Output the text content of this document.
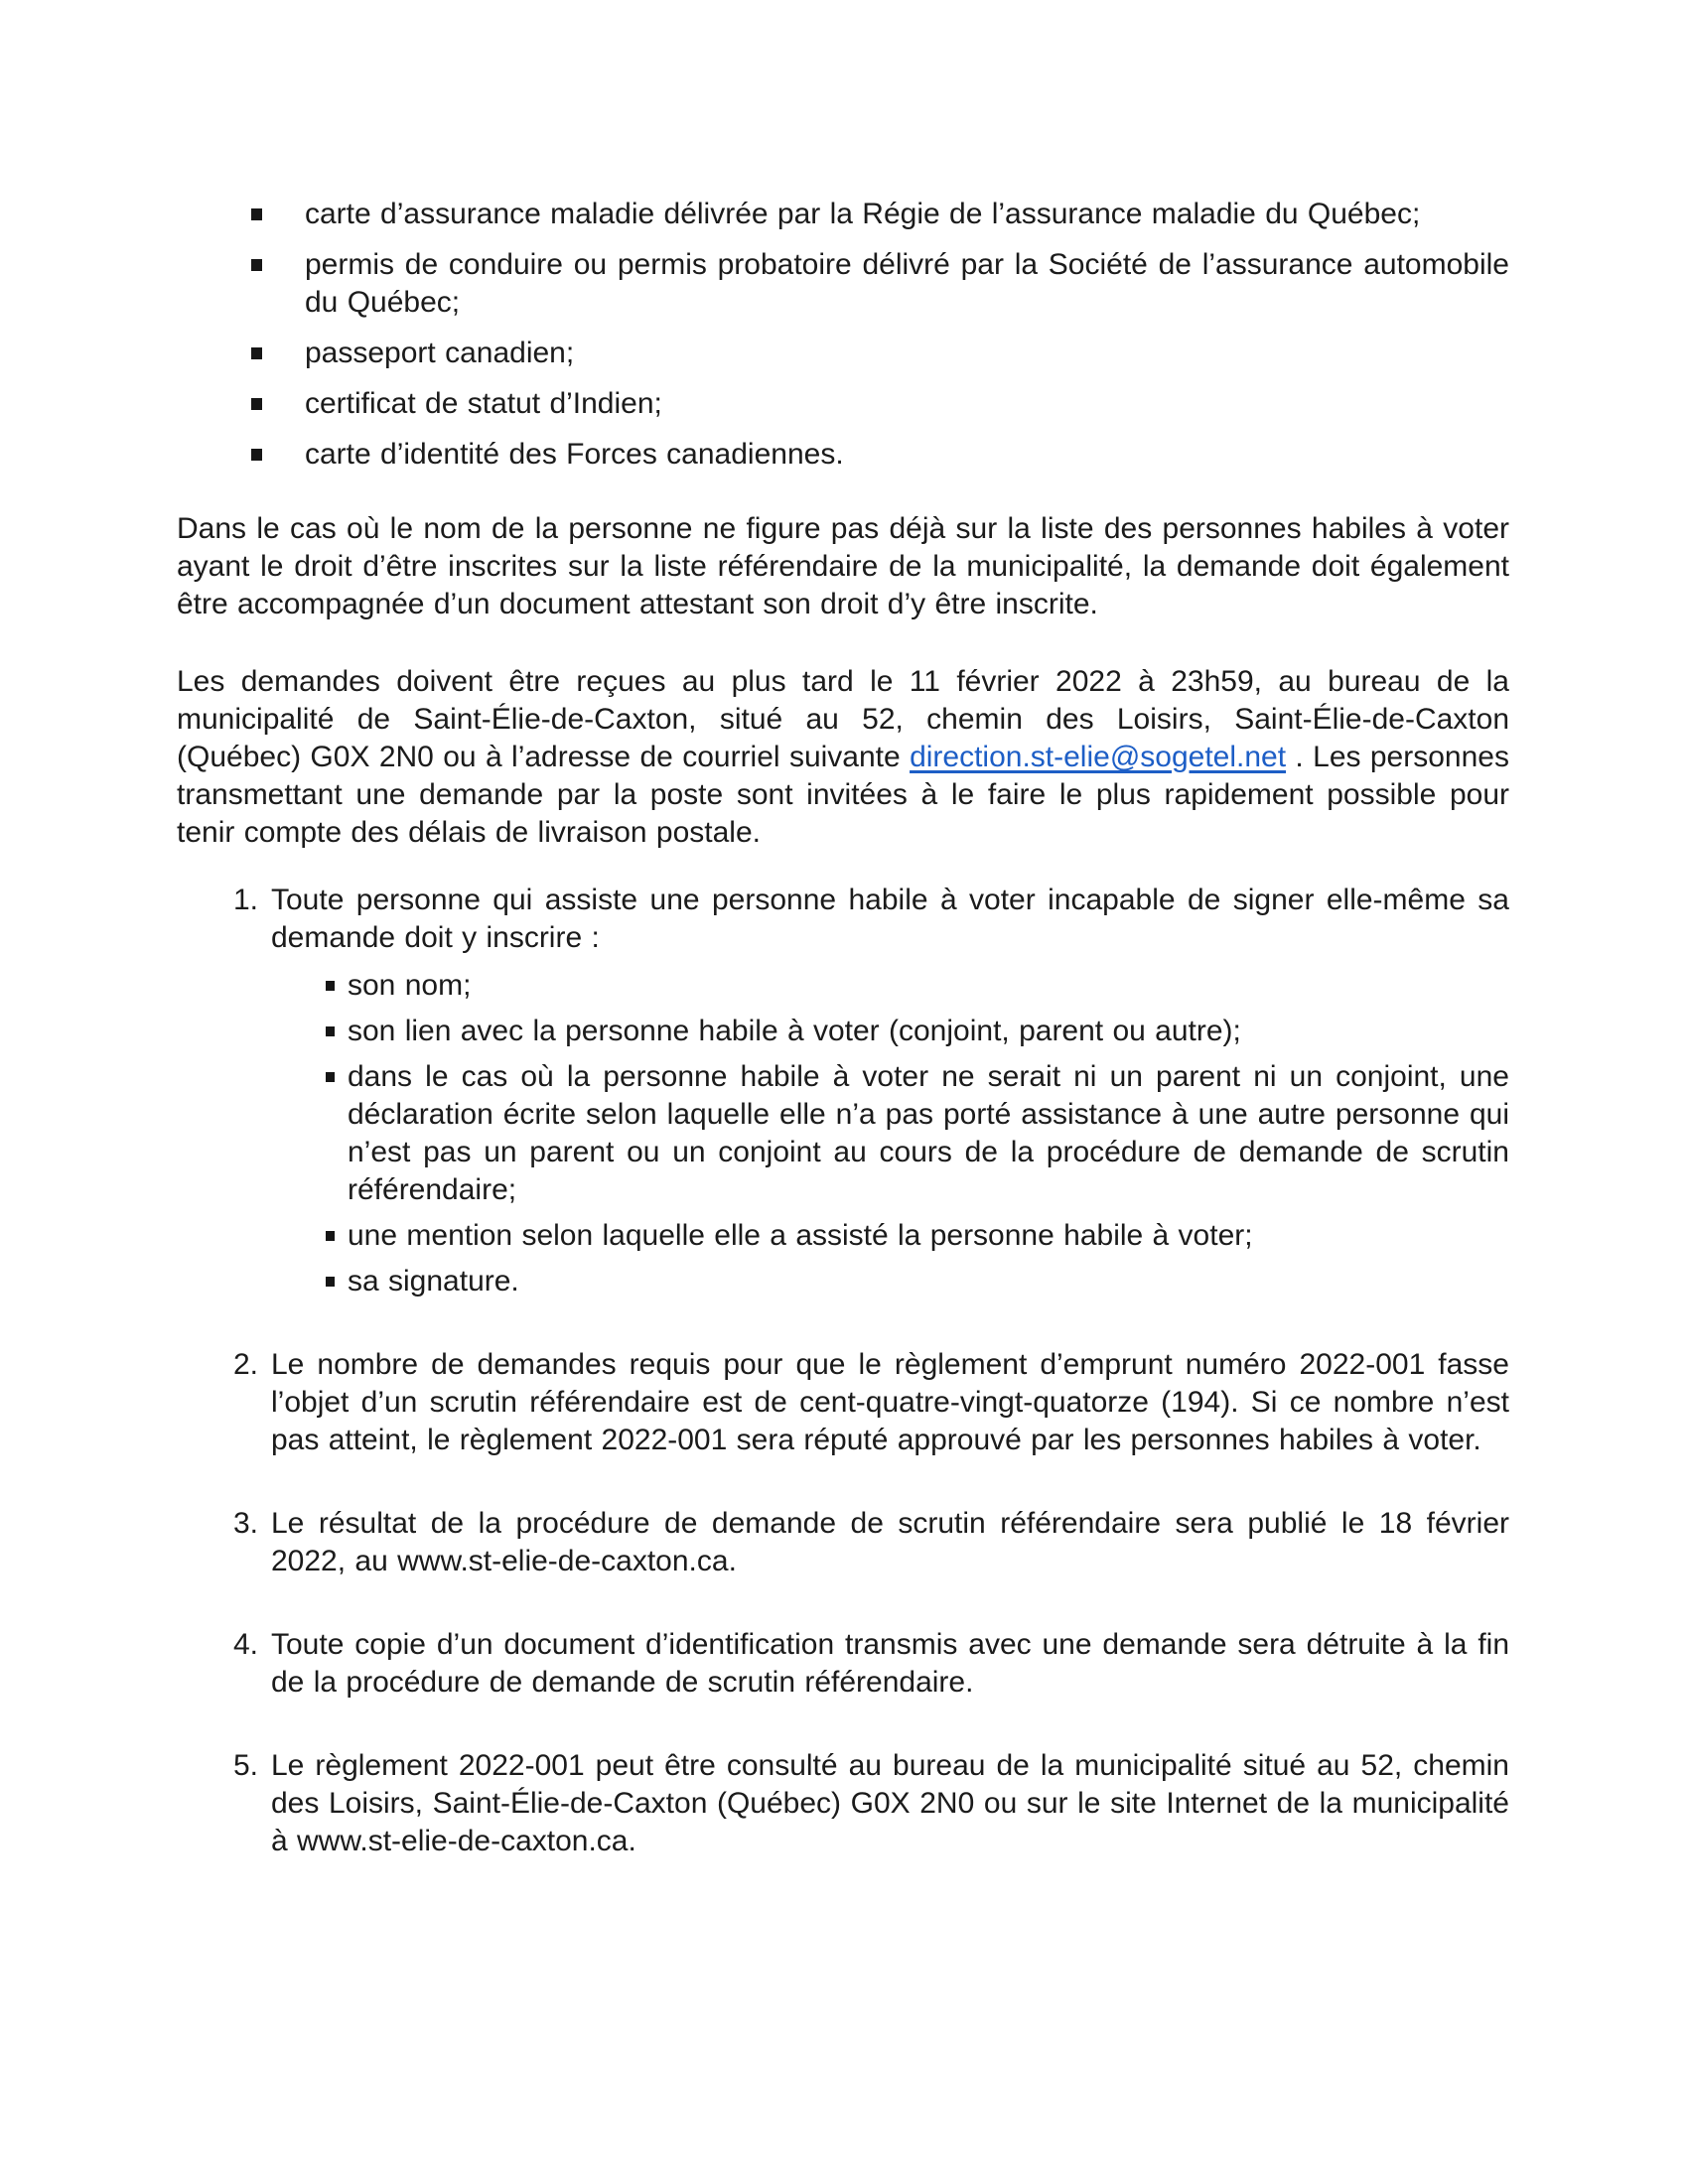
carte d’assurance maladie délivrée par la Régie de l’assurance maladie du Québec;
permis de conduire ou permis probatoire délivré par la Société de l’assurance automobile du Québec;
passeport canadien;
certificat de statut d’Indien;
carte d’identité des Forces canadiennes.

Dans le cas où le nom de la personne ne figure pas déjà sur la liste des personnes habiles à voter ayant le droit d’être inscrites sur la liste référendaire de la municipalité, la demande doit également être accompagnée d’un document attestant son droit d’y être inscrite.

Les demandes doivent être reçues au plus tard le 11 février 2022 à 23h59, au bureau de la municipalité de Saint-Élie-de-Caxton, situé au 52, chemin des Loisirs, Saint-Élie-de-Caxton (Québec) G0X 2N0 ou à l’adresse de courriel suivante direction.st-elie@sogetel.net . Les personnes transmettant une demande par la poste sont invitées à le faire le plus rapidement possible pour tenir compte des délais de livraison postale.

1. Toute personne qui assiste une personne habile à voter incapable de signer elle-même sa demande doit y inscrire :
son nom;
son lien avec la personne habile à voter (conjoint, parent ou autre);
dans le cas où la personne habile à voter ne serait ni un parent ni un conjoint, une déclaration écrite selon laquelle elle n’a pas porté assistance à une autre personne qui n’est pas un parent ou un conjoint au cours de la procédure de demande de scrutin référendaire;
une mention selon laquelle elle a assisté la personne habile à voter;
sa signature.
2. Le nombre de demandes requis pour que le règlement d’emprunt numéro 2022-001 fasse l’objet d’un scrutin référendaire est de cent-quatre-vingt-quatorze (194). Si ce nombre n’est pas atteint, le règlement 2022-001 sera réputé approuvé par les personnes habiles à voter.
3. Le résultat de la procédure de demande de scrutin référendaire sera publié le 18 février 2022, au www.st-elie-de-caxton.ca.
4. Toute copie d’un document d’identification transmis avec une demande sera détruite à la fin de la procédure de demande de scrutin référendaire.
5. Le règlement 2022-001 peut être consulté au bureau de la municipalité situé au 52, chemin des Loisirs, Saint-Élie-de-Caxton (Québec) G0X 2N0 ou sur le site Internet de la municipalité à www.st-elie-de-caxton.ca.
